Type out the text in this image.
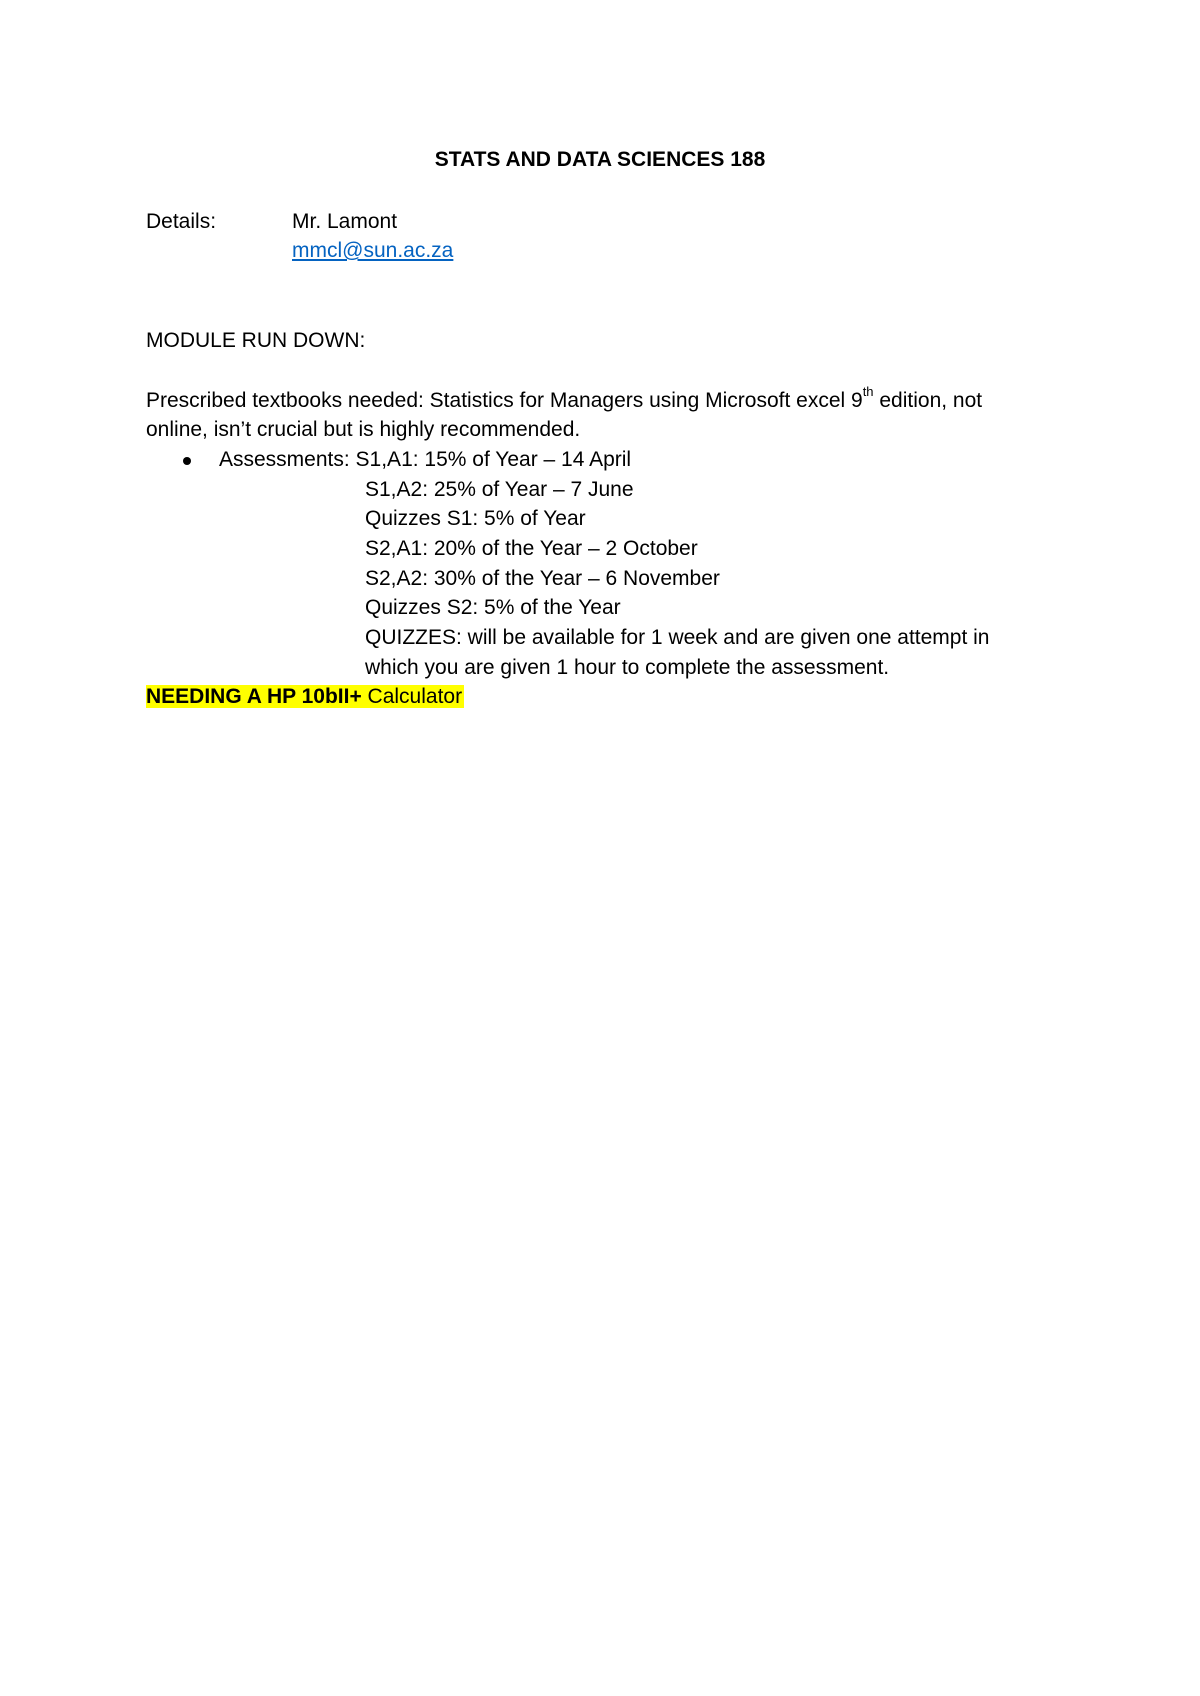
STATS AND DATA SCIENCES 188
Details:	Mr. Lamont
mmcl@sun.ac.za
MODULE RUN DOWN:
Prescribed textbooks needed: Statistics for Managers using Microsoft excel 9th edition, not
online, isn’t crucial but is highly recommended.
Assessments: S1,A1: 15% of Year – 14 April
S1,A2: 25% of Year – 7 June
Quizzes S1: 5% of Year
S2,A1: 20% of the Year – 2 October
S2,A2: 30% of the Year – 6 November
Quizzes S2: 5% of the Year
QUIZZES: will be available for 1 week and are given one attempt in
which you are given 1 hour to complete the assessment.
NEEDING A HP 10bII+ Calculator
